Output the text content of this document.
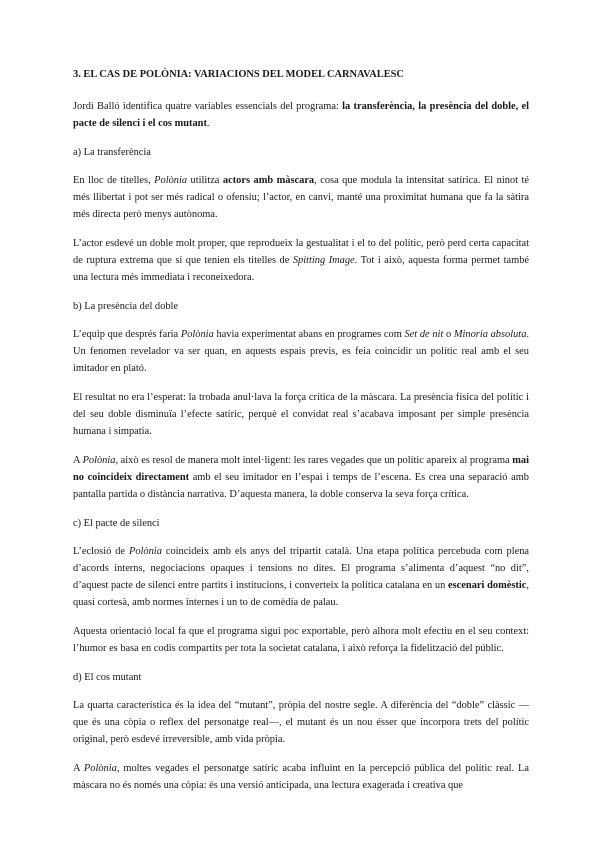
3. EL CAS DE POLÒNIA: VARIACIONS DEL MODEL CARNAVALESC
Jordi Balló identifica quatre variables essencials del programa: la transferència, la presència del doble, el pacte de silenci i el cos mutant.
a) La transferència
En lloc de titelles, Polònia utilitza actors amb màscara, cosa que modula la intensitat satírica. El ninot té més llibertat i pot ser més radical o ofensiu; l’actor, en canvi, manté una proximitat humana que fa la sàtira més directa però menys autònoma.
L’actor esdevé un doble molt proper, que reprodueix la gestualitat i el to del polític, però perd certa capacitat de ruptura extrema que sí que tenien els titelles de Spitting Image. Tot i això, aquesta forma permet també una lectura més immediata i reconeixedora.
b) La presència del doble
L’equip que després faria Polònia havia experimentat abans en programes com Set de nit o Minoria absoluta. Un fenomen revelador va ser quan, en aquests espais previs, es feia coincidir un polític real amb el seu imitador en plató.
El resultat no era l’esperat: la trobada anul·lava la força crítica de la màscara. La presència física del polític i del seu doble disminuïa l’efecte satíric, perquè el convidat real s’acabava imposant per simple presència humana i simpatia.
A Polònia, això es resol de manera molt intel·ligent: les rares vegades que un polític apareix al programa mai no coincideix directament amb el seu imitador en l’espai i temps de l’escena. Es crea una separació amb pantalla partida o distància narrativa. D’aquesta manera, la doble conserva la seva força crítica.
c) El pacte de silenci
L’eclosió de Polònia coincideix amb els anys del tripartit català. Una etapa política percebuda com plena d’acords interns, negociacions opaques i tensions no dites. El programa s’alimenta d’aquest “no dit”, d’aquest pacte de silenci entre partits i institucions, i converteix la política catalana en un escenari domèstic, quasi cortesà, amb normes internes i un to de comèdia de palau.
Aquesta orientació local fa que el programa sigui poc exportable, però alhora molt efectiu en el seu context: l’humor es basa en codis compartits per tota la societat catalana, i això reforça la fidelització del públic.
d) El cos mutant
La quarta característica és la idea del “mutant”, pròpia del nostre segle. A diferència del “doble” clàssic —que és una còpia o reflex del personatge real—, el mutant és un nou ésser que incorpora trets del polític original, però esdevé irreversible, amb vida pròpia.
A Polònia, moltes vegades el personatge satíric acaba influint en la percepció pública del polític real. La màscara no és només una còpia: és una versió anticipada, una lectura exagerada i creativa que
